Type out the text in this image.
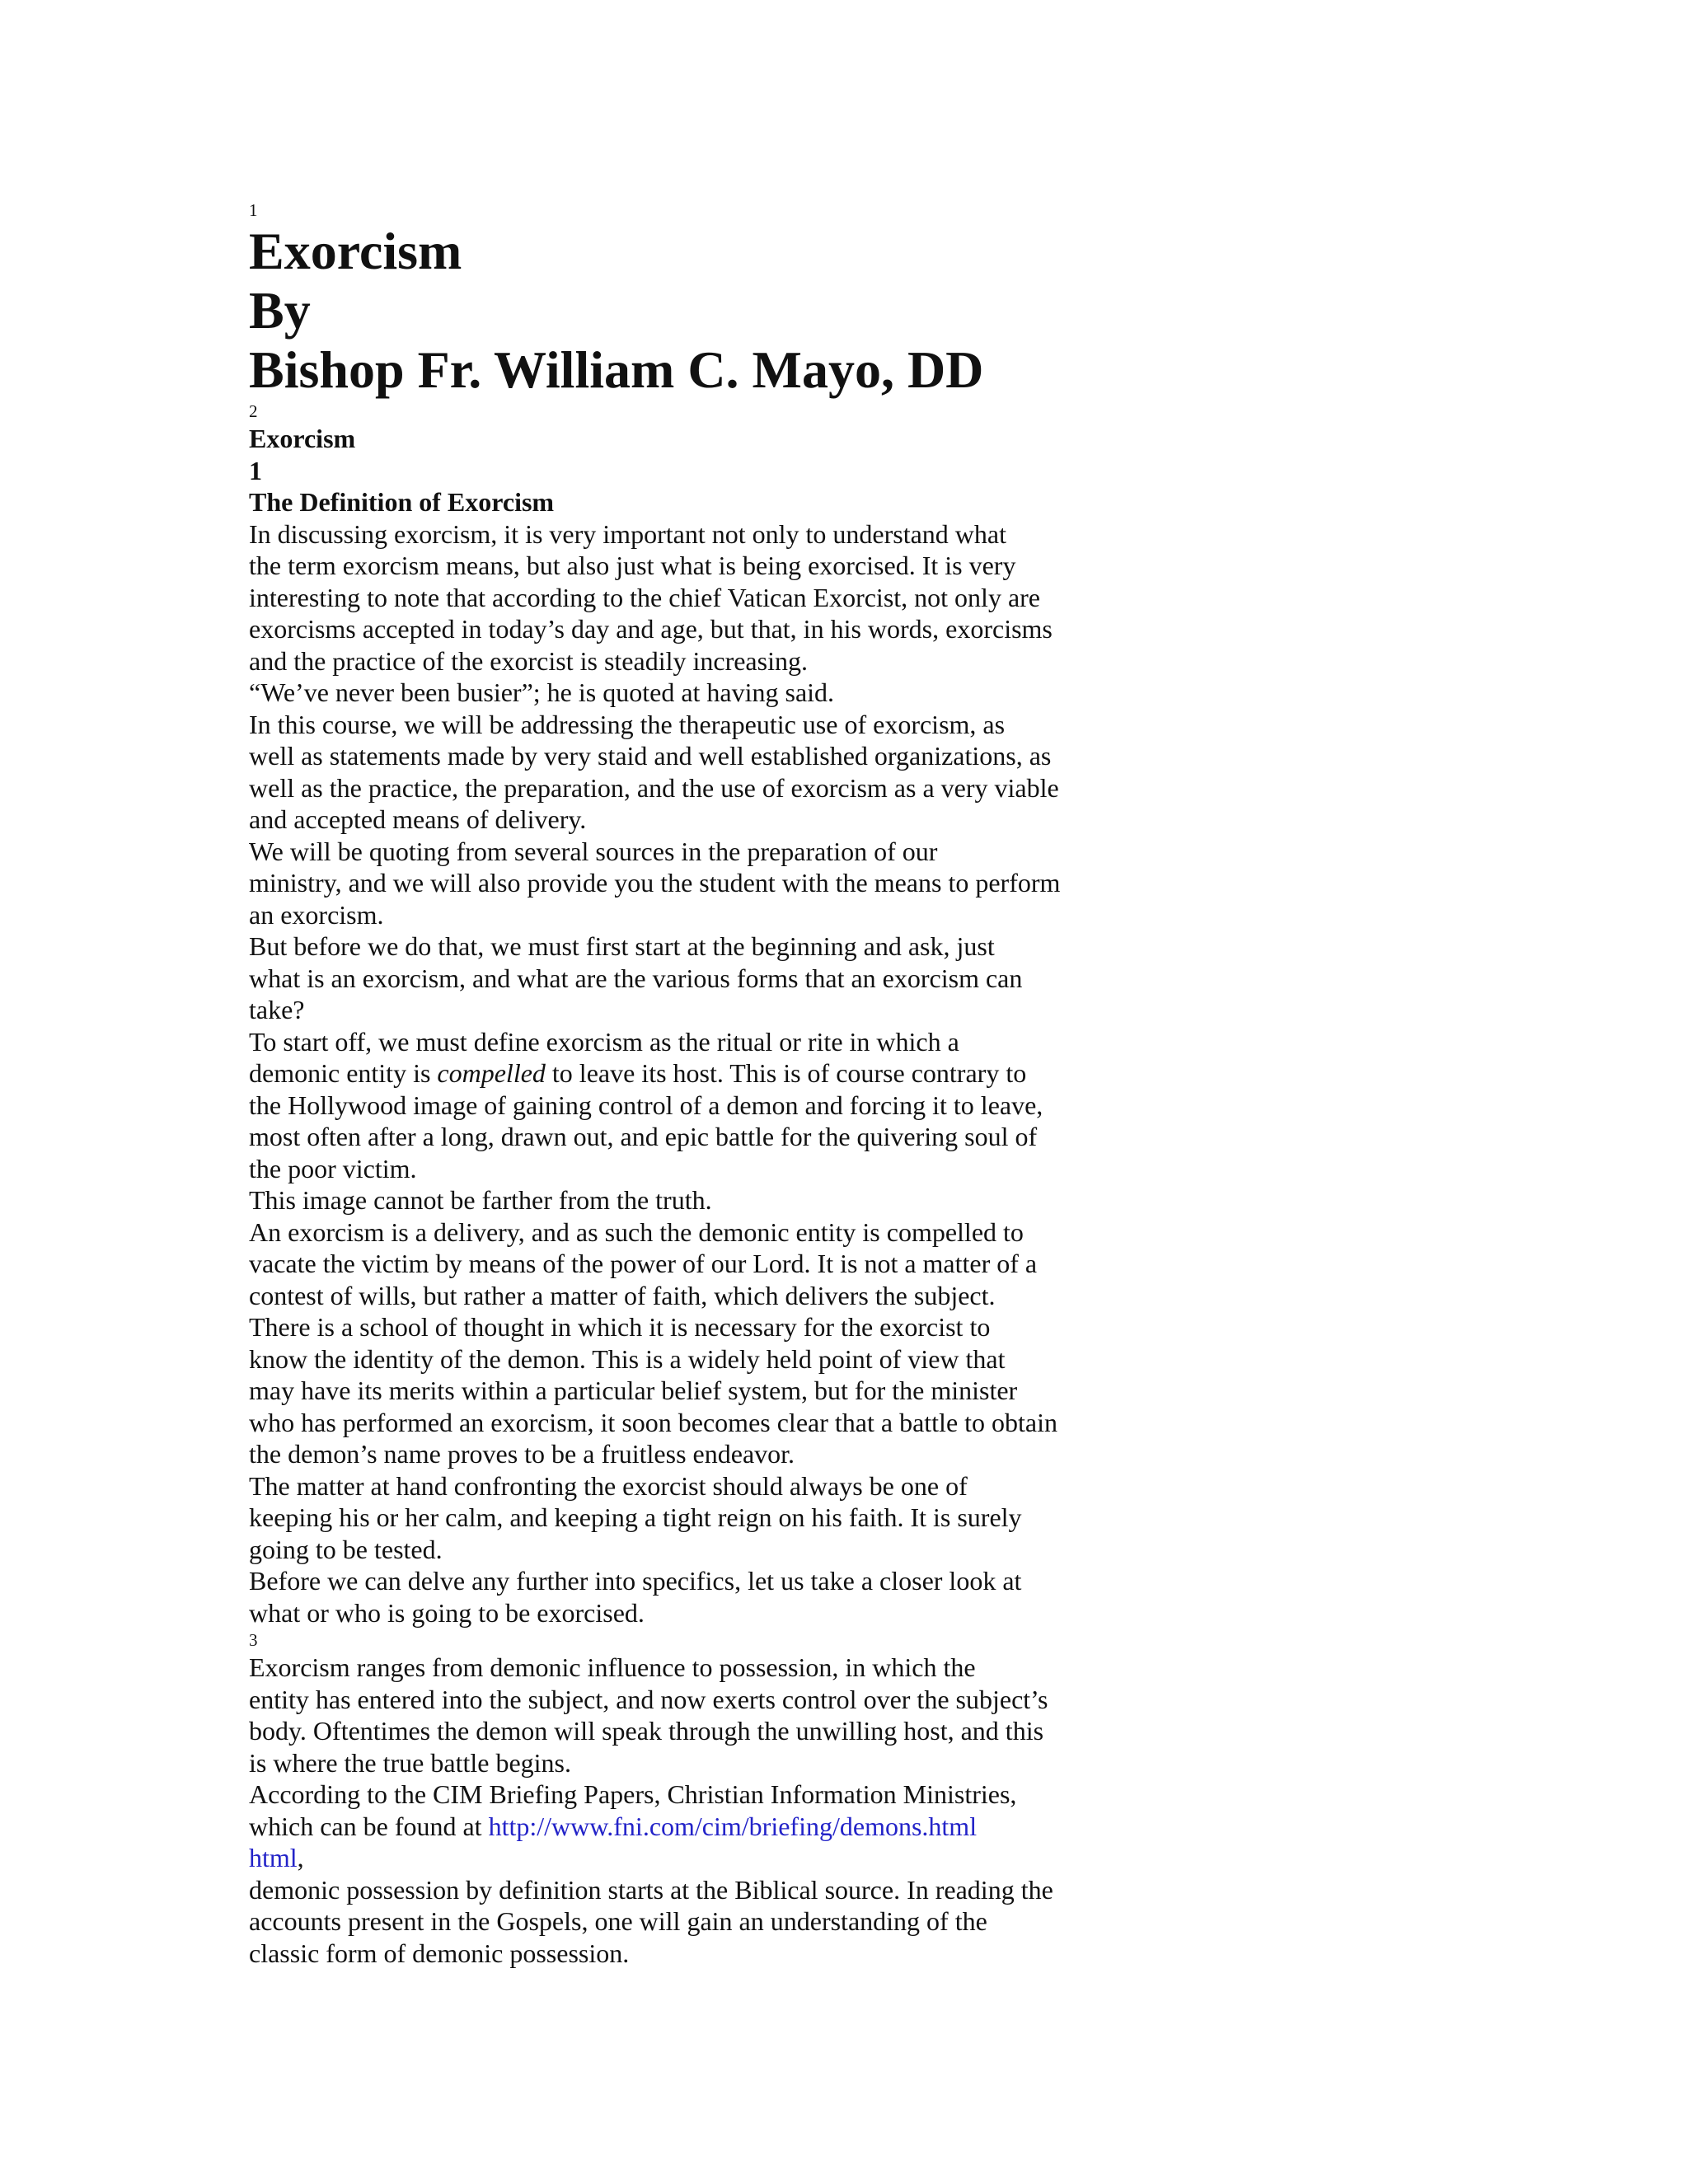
1
Exorcism
By
Bishop Fr. William C. Mayo, DD
2
Exorcism
1
The Definition of Exorcism
In discussing exorcism, it is very important not only to understand what
the term exorcism means, but also just what is being exorcised. It is very
interesting to note that according to the chief Vatican Exorcist, not only are
exorcisms accepted in today’s day and age, but that, in his words, exorcisms
and the practice of the exorcist is steadily increasing.
“We’ve never been busier”; he is quoted at having said.
In this course, we will be addressing the therapeutic use of exorcism, as
well as statements made by very staid and well established organizations, as
well as the practice, the preparation, and the use of exorcism as a very viable
and accepted means of delivery.
We will be quoting from several sources in the preparation of our
ministry, and we will also provide you the student with the means to perform
an exorcism.
But before we do that, we must first start at the beginning and ask, just
what is an exorcism, and what are the various forms that an exorcism can
take?
To start off, we must define exorcism as the ritual or rite in which a
demonic entity is compelled to leave its host. This is of course contrary to
the Hollywood image of gaining control of a demon and forcing it to leave,
most often after a long, drawn out, and epic battle for the quivering soul of
the poor victim.
This image cannot be farther from the truth.
An exorcism is a delivery, and as such the demonic entity is compelled to
vacate the victim by means of the power of our Lord. It is not a matter of a
contest of wills, but rather a matter of faith, which delivers the subject.
There is a school of thought in which it is necessary for the exorcist to
know the identity of the demon. This is a widely held point of view that
may have its merits within a particular belief system, but for the minister
who has performed an exorcism, it soon becomes clear that a battle to obtain
the demon’s name proves to be a fruitless endeavor.
The matter at hand confronting the exorcist should always be one of
keeping his or her calm, and keeping a tight reign on his faith. It is surely
going to be tested.
Before we can delve any further into specifics, let us take a closer look at
what or who is going to be exorcised.
3
Exorcism ranges from demonic influence to possession, in which the
entity has entered into the subject, and now exerts control over the subject’s
body. Oftentimes the demon will speak through the unwilling host, and this
is where the true battle begins.
According to the CIM Briefing Papers, Christian Information Ministries,
which can be found at http://www.fni.com/cim/briefing/demons.html
html,
demonic possession by definition starts at the Biblical source. In reading the
accounts present in the Gospels, one will gain an understanding of the
classic form of demonic possession.
